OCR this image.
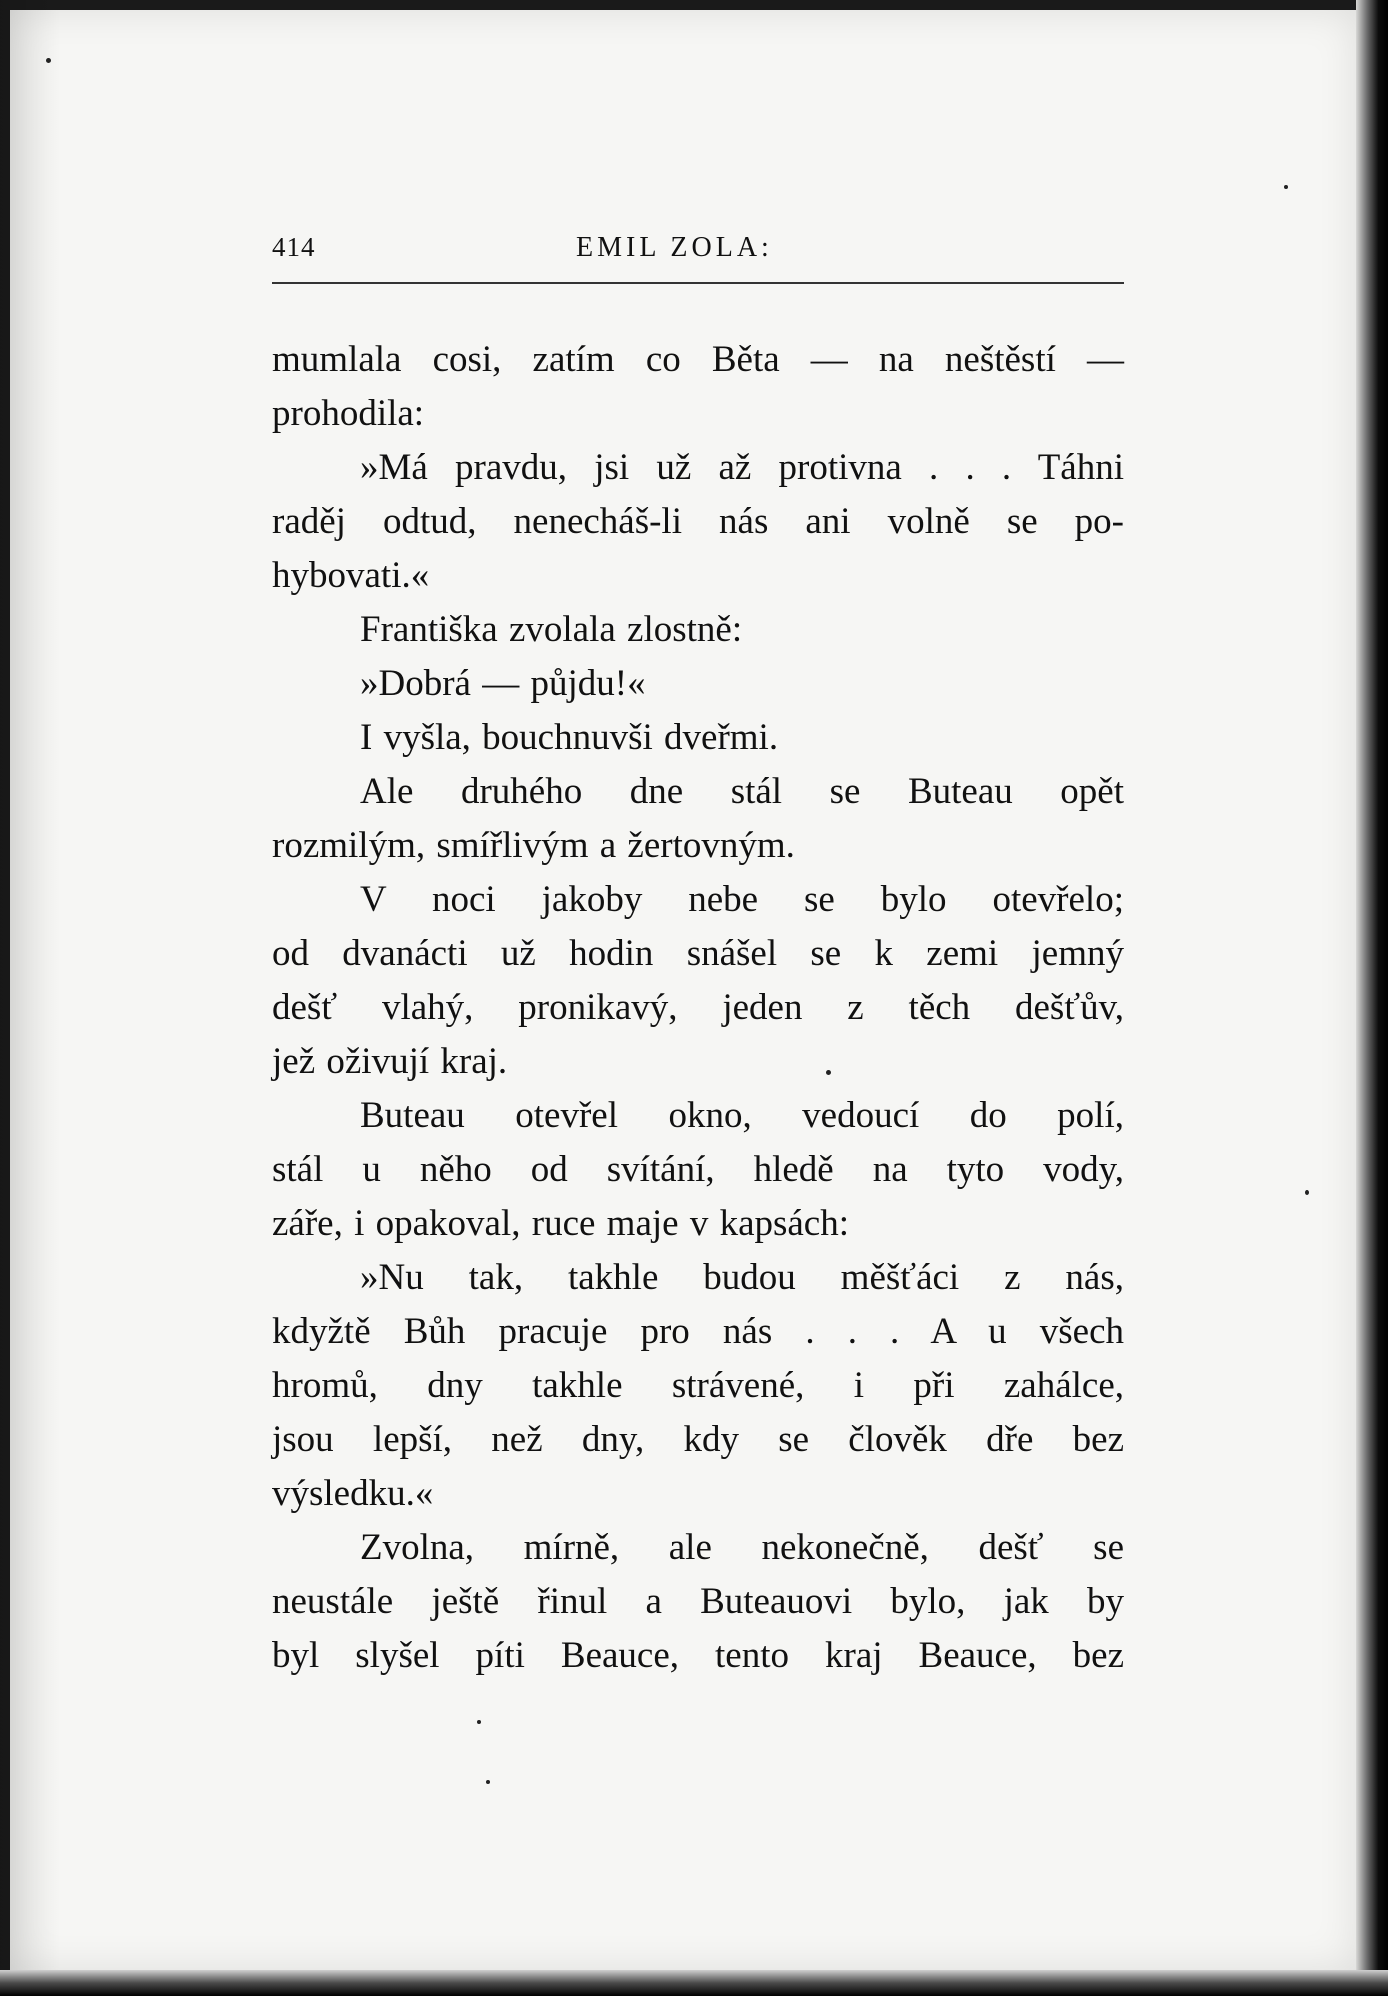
414	EMIL ZOLA:
mumlala cosi, zatím co Běta — na neštěstí —
prohodila:
»Má pravdu, jsi už až protivna . . . Táhni
raděj odtud, nenecháš-li nás ani volně se po-
hybovati.«
Františka zvolala zlostně:
»Dobrá — půjdu!«
I vyšla, bouchnuvši dveřmi.
Ale druhého dne stál se Buteau opět
rozmilým, smířlivým a žertovným.
V noci jakoby nebe se bylo otevřelo;
od dvanácti už hodin snášel se k zemi jemný
dešť vlahý, pronikavý, jeden z těch dešťův,
jež oživují kraj.
Buteau otevřel okno, vedoucí do polí,
stál u něho od svítání, hledě na tyto vody,
záře, i opakoval, ruce maje v kapsách:
»Nu tak, takhle budou měšťáci z nás,
kdyžtě Bůh pracuje pro nás . . . A u všech
hromů, dny takhle strávené, i při zahálce,
jsou lepší, než dny, kdy se člověk dře bez
výsledku.«
Zvolna, mírně, ale nekonečně, dešť se
neustále ještě řinul a Buteauovi bylo, jak by
byl slyšel píti Beauce, tento kraj Beauce, bez
